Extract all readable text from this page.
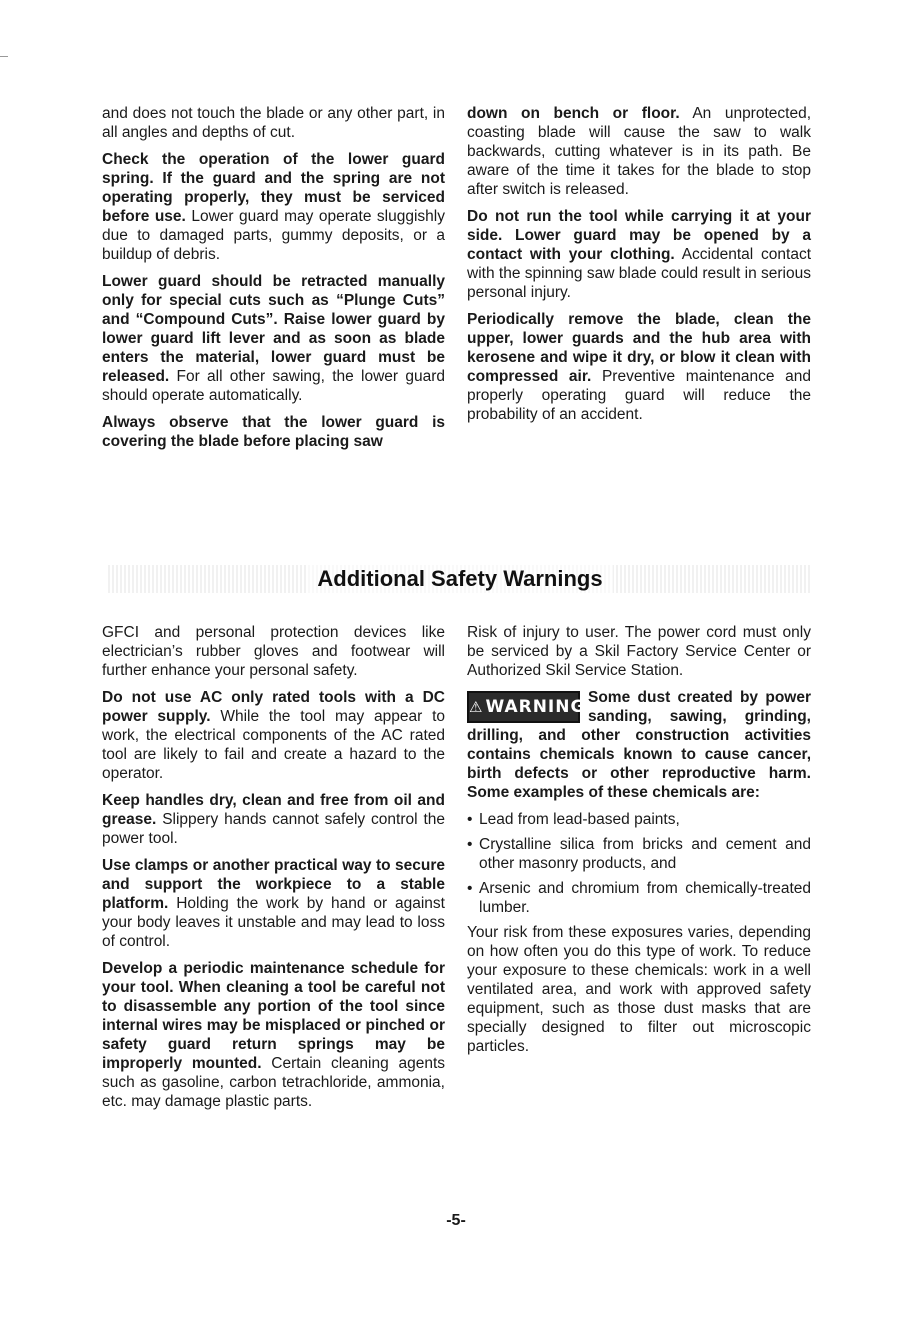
and does not touch the blade or any other part, in all angles and depths of cut.

Check the operation of the lower guard spring. If the guard and the spring are not operating properly, they must be serviced before use. Lower guard may operate sluggishly due to damaged parts, gummy deposits, or a buildup of debris.

Lower guard should be retracted manually only for special cuts such as “Plunge Cuts” and “Compound Cuts”. Raise lower guard by lower guard lift lever and as soon as blade enters the material, lower guard must be released. For all other sawing, the lower guard should operate automatically.

Always observe that the lower guard is covering the blade before placing saw

down on bench or floor. An unprotected, coasting blade will cause the saw to walk backwards, cutting whatever is in its path. Be aware of the time it takes for the blade to stop after switch is released.

Do not run the tool while carrying it at your side. Lower guard may be opened by a contact with your clothing. Accidental contact with the spinning saw blade could result in serious personal injury.

Periodically remove the blade, clean the upper, lower guards and the hub area with kerosene and wipe it dry, or blow it clean with compressed air. Preventive maintenance and properly operating guard will reduce the probability of an accident.

Additional Safety Warnings

GFCI and personal protection devices like electrician’s rubber gloves and footwear will further enhance your personal safety.

Do not use AC only rated tools with a DC power supply. While the tool may appear to work, the electrical components of the AC rated tool are likely to fail and create a hazard to the operator.

Keep handles dry, clean and free from oil and grease. Slippery hands cannot safely control the power tool.

Use clamps or another practical way to secure and support the workpiece to a stable platform. Holding the work by hand or against your body leaves it unstable and may lead to loss of control.

Develop a periodic maintenance schedule for your tool. When cleaning a tool be careful not to disassemble any portion of the tool since internal wires may be misplaced or pinched or safety guard return springs may be improperly mounted. Certain cleaning agents such as gasoline, carbon tetrachloride, ammonia, etc. may damage plastic parts.

Risk of injury to user. The power cord must only be serviced by a Skil Factory Service Center or Authorized Skil Service Station.

⚠ WARNING Some dust created by power sanding, sawing, grinding, drilling, and other construction activities contains chemicals known to cause cancer, birth defects or other reproductive harm. Some examples of these chemicals are:

• Lead from lead-based paints,
• Crystalline silica from bricks and cement and other masonry products, and
• Arsenic and chromium from chemically-treated lumber.

Your risk from these exposures varies, depending on how often you do this type of work. To reduce your exposure to these chemicals: work in a well ventilated area, and work with approved safety equipment, such as those dust masks that are specially designed to filter out microscopic particles.

-5-
